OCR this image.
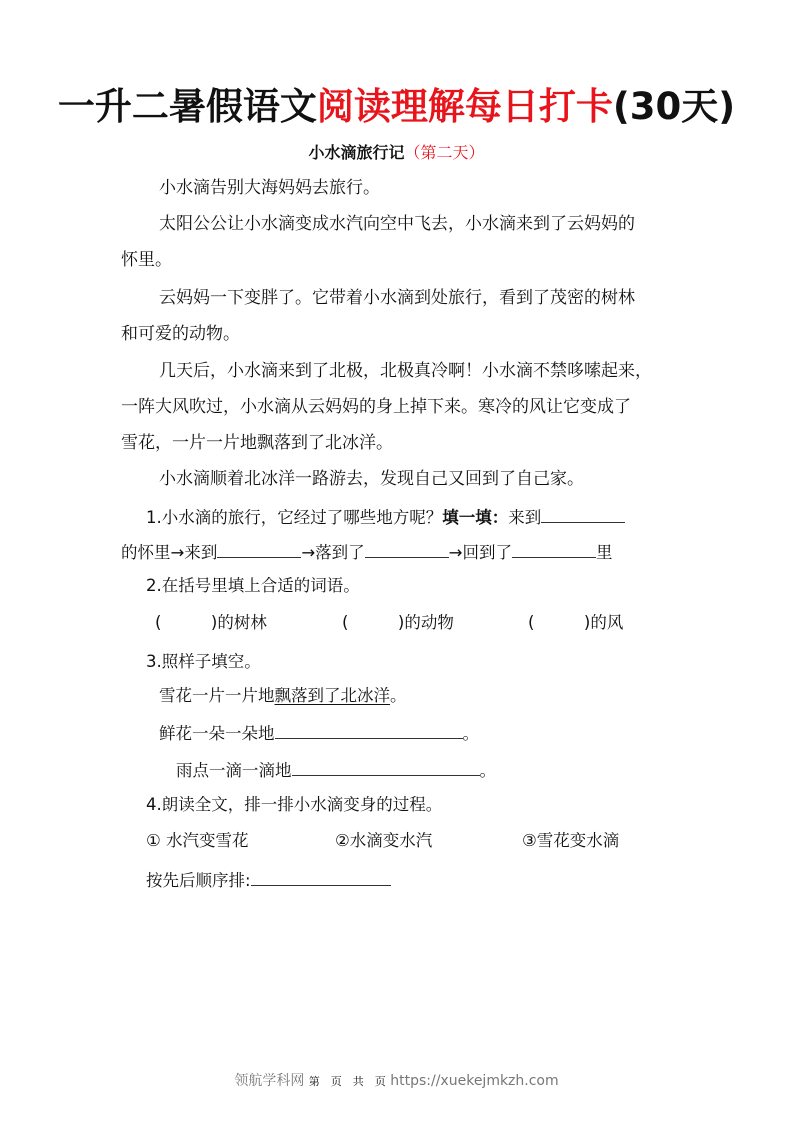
一升二暑假语文阅读理解每日打卡(30天)
小水滴旅行记（第二天）
小水滴告别大海妈妈去旅行。
太阳公公让小水滴变成水汽向空中飞去，小水滴来到了云妈妈的
怀里。
云妈妈一下变胖了。它带着小水滴到处旅行，看到了茂密的树林
和可爱的动物。
几天后，小水滴来到了北极，北极真冷啊！小水滴不禁哆嗦起来，
一阵大风吹过，小水滴从云妈妈的身上掉下来。寒冷的风让它变成了
雪花，一片一片地飘落到了北冰洋。
小水滴顺着北冰洋一路游去，发现自己又回到了自己家。
1.小水滴的旅行，它经过了哪些地方呢？填一填：来到
的怀里→来到	→落到了	→回到了	里
2.在括号里填上合适的词语。
(　　　)的树林	(　　　)的动物	(　　　)的风
3.照样子填空。
雪花一片一片地飘落到了北冰洋。
鲜花一朵一朵地	。
雨点一滴一滴地	。
4.朗读全文，排一排小水滴变身的过程。
① 水汽变雪花	②水滴变水汽	③雪花变水滴
按先后顺序排:
领航学科网 第　页　共　页 https://xuekejmkzh.com
